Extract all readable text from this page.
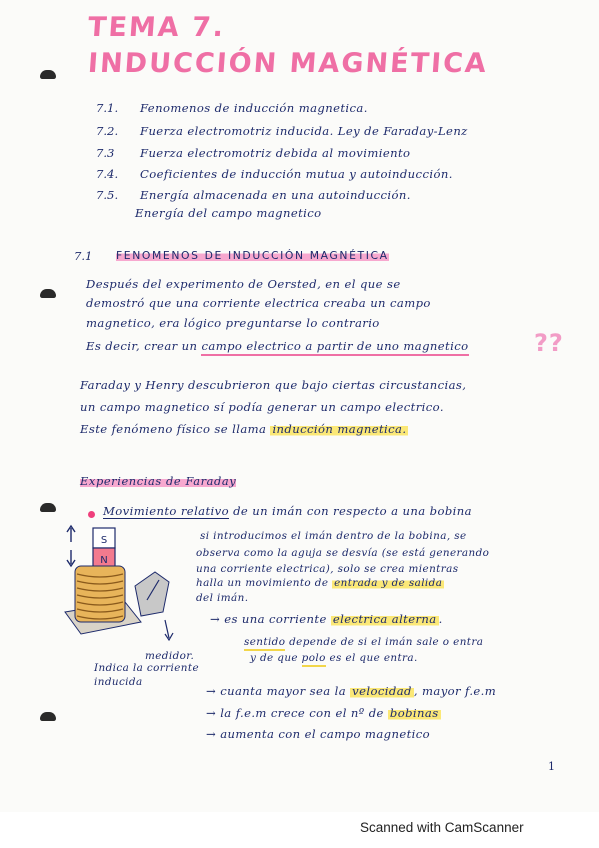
TEMA 7.
INDUCCIÓN MAGNÉTICA
7.1. Fenomenos de inducción magnetica.
7.2. Fuerza electromotriz inducida. Ley de Faraday-Lenz
7.3 Fuerza electromotriz debida al movimiento
7.4. Coeficientes de inducción mutua y autoinducción.
7.5. Energía almacenada en una autoinducción.
Energía del campo magnetico
7.1 FENOMENOS DE INDUCCIÓN MAGNÉTICA
Después del experimento de Oersted, en el que se
demostró que una corriente electrica creaba un campo
magnetico, era lógico preguntarse lo contrario
Es decir, crear un campo electrico a partir de uno magnetico	??
Faraday y Henry descubrieron que bajo ciertas circustancias,
un campo magnetico sí podía generar un campo electrico.
Este fenómeno físico se llama inducción magnetica.
Experiencias de Faraday
Movimiento relativo de un imán con respecto a una bobina
si introducimos el imán dentro de la bobina, se
observa como la aguja se desvía (se está generando
una corriente electrica), solo se crea mientras
halla un movimiento de entrada y de salida
del imán.
→ es una corriente electrica alterna .
sentido depende de si el imán sale o entra
y de que polo es el que entra.
S
N
medidor.
Indica la corriente
inducida
→ cuanta mayor sea la velocidad , mayor f.e.m
→ la f.e.m crece con el nº de bobinas
→ aumenta con el campo magnetico
1
Scanned with CamScanner
